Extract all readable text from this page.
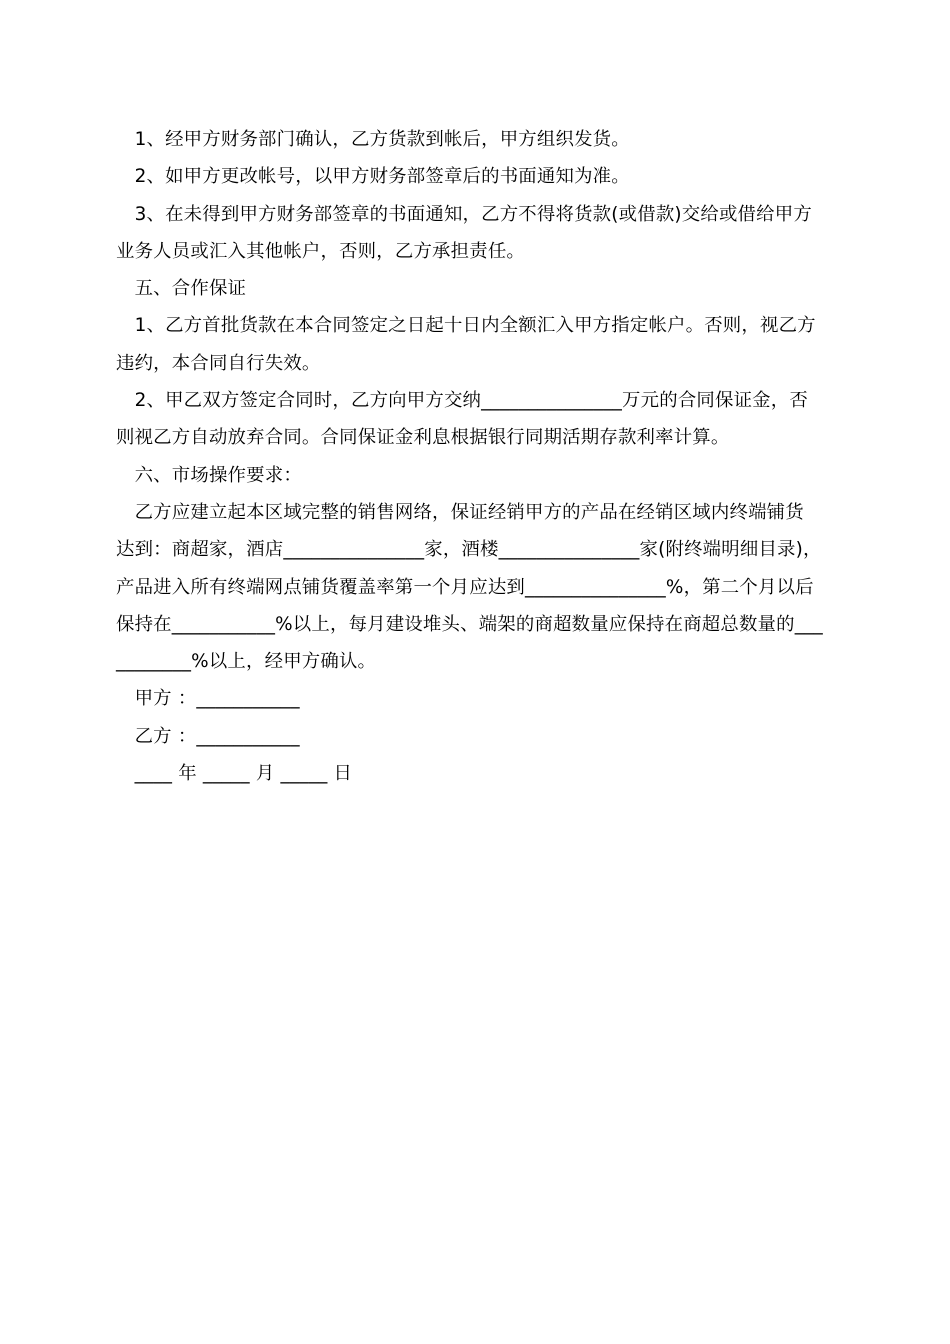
　1、经甲方财务部门确认，乙方货款到帐后，甲方组织发货。
　2、如甲方更改帐号，以甲方财务部签章后的书面通知为准。
　3、在未得到甲方财务部签章的书面通知，乙方不得将货款(或借款)交给或借给甲方
业务人员或汇入其他帐户，否则，乙方承担责任。
　五、合作保证
　1、乙方首批货款在本合同签定之日起十日内全额汇入甲方指定帐户。否则，视乙方
违约，本合同自行失效。
　2、甲乙双方签定合同时，乙方向甲方交纳_______________万元的合同保证金，否
则视乙方自动放弃合同。合同保证金利息根据银行同期活期存款利率计算。
　六、市场操作要求：
　乙方应建立起本区域完整的销售网络，保证经销甲方的产品在经销区域内终端铺货
达到：商超家，酒店_______________家，酒楼_______________家(附终端明细目录)，
产品进入所有终端网点铺货覆盖率第一个月应达到_______________%，第二个月以后
保持在___________%以上，每月建设堆头、端架的商超数量应保持在商超总数量的___
________%以上，经甲方确认。
　甲方 ：___________
　乙方 ：___________
　____ 年 _____ 月 _____ 日
